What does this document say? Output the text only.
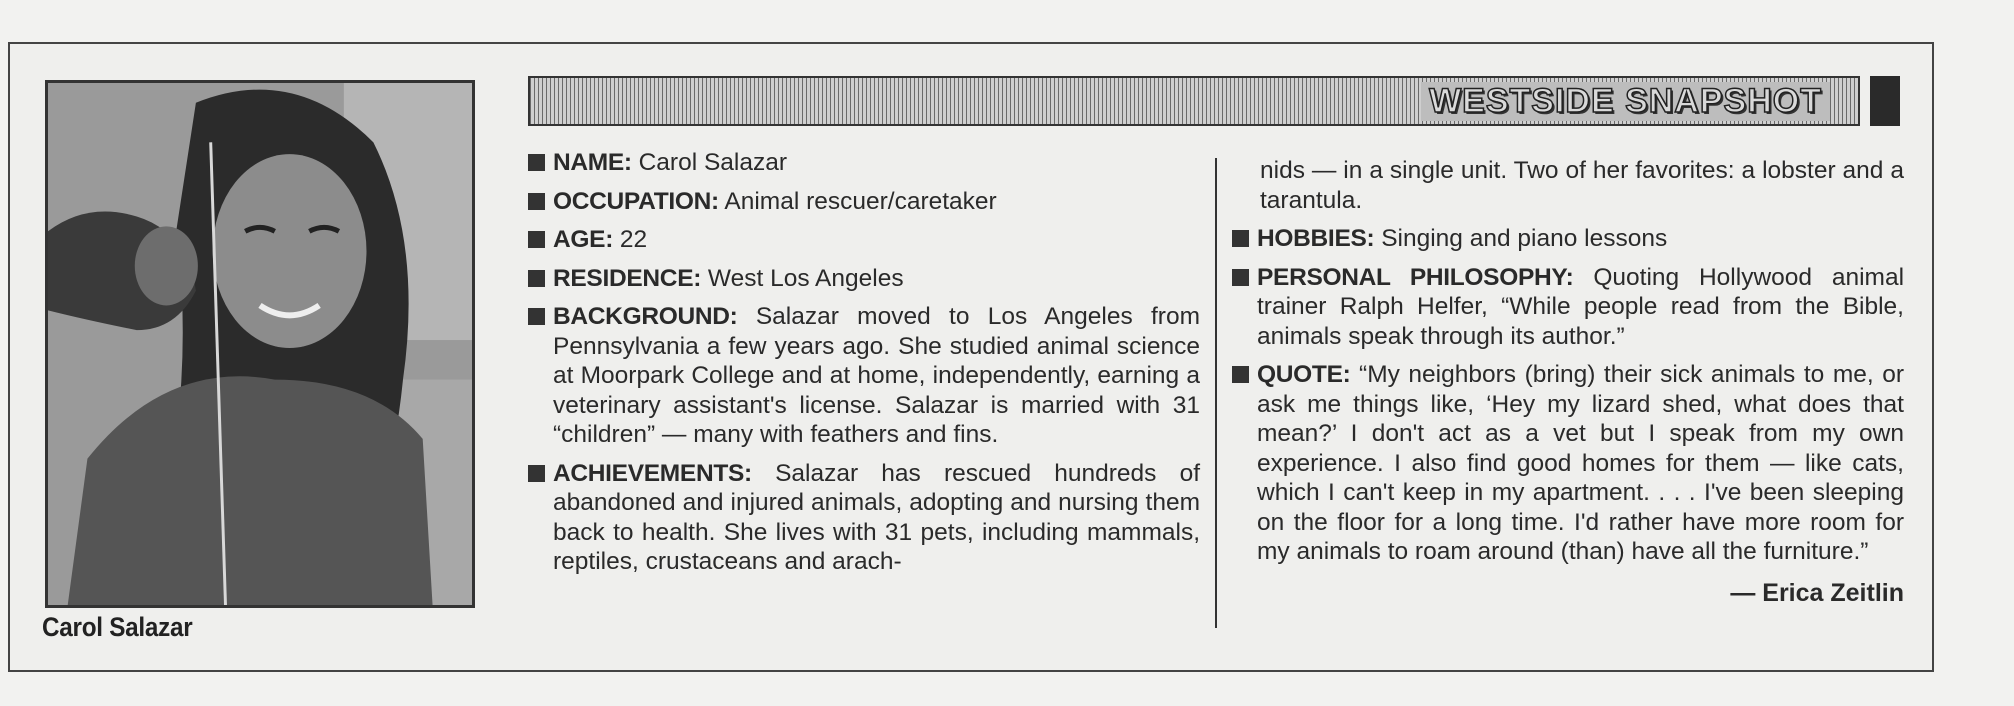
Carol Salazar
WESTSIDE SNAPSHOT
NAME: Carol Salazar
OCCUPATION: Animal rescuer/caretaker
AGE: 22
RESIDENCE: West Los Angeles
BACKGROUND: Salazar moved to Los Angeles from Pennsylvania a few years ago. She studied animal science at Moorpark College and at home, independently, earning a veterinary assistant's license. Salazar is married with 31 “children” — many with feathers and fins.
ACHIEVEMENTS: Salazar has rescued hundreds of abandoned and injured animals, adopting and nursing them back to health. She lives with 31 pets, including mammals, reptiles, crustaceans and arach-
nids — in a single unit. Two of her favorites: a lobster and a tarantula.
HOBBIES: Singing and piano lessons
PERSONAL PHILOSOPHY: Quoting Hollywood animal trainer Ralph Helfer, “While people read from the Bible, animals speak through its author.”
QUOTE: “My neighbors (bring) their sick animals to me, or ask me things like, ‘Hey my lizard shed, what does that mean?’ I don't act as a vet but I speak from my own experience. I also find good homes for them — like cats, which I can't keep in my apartment. . . . I've been sleeping on the floor for a long time. I'd rather have more room for my animals to roam around (than) have all the furniture.”
— Erica Zeitlin
